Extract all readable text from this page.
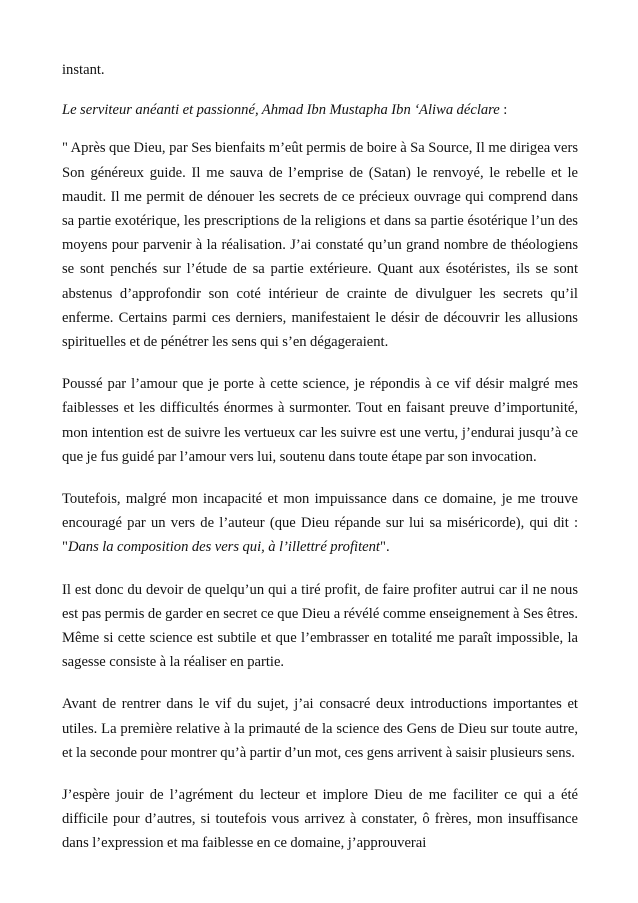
instant.

Le serviteur anéanti et passionné, Ahmad Ibn Mustapha Ibn ‘Aliwa déclare :

" Après que Dieu, par Ses bienfaits m’eût permis de boire à Sa Source, Il me dirigea vers Son généreux guide. Il me sauva de l’emprise de (Satan) le renvoyé, le rebelle et le maudit. Il me permit de dénouer les secrets de ce précieux ouvrage qui comprend dans sa partie exotérique, les prescriptions de la religions et dans sa partie ésotérique l’un des moyens pour parvenir à la réalisation. J’ai constaté qu’un grand nombre de théologiens se sont penchés sur l’étude de sa partie extérieure. Quant aux ésotéristes, ils se sont abstenus d’approfondir son coté intérieur de crainte de divulguer les secrets qu’il enferme. Certains parmi ces derniers, manifestaient le désir de découvrir les allusions spirituelles et de pénétrer les sens qui s’en dégageraient.

Poussé par l’amour que je porte à cette science, je répondis à ce vif désir malgré mes faiblesses et les difficultés énormes à surmonter. Tout en faisant preuve d’importunité, mon intention est de suivre les vertueux car les suivre est une vertu, j’endurai jusqu’à ce que je fus guidé par l’amour vers lui, soutenu dans toute étape par son invocation.

Toutefois, malgré mon incapacité et mon impuissance dans ce domaine, je me trouve encouragé par un vers de l’auteur (que Dieu répande sur lui sa miséricorde), qui dit : "Dans la composition des vers qui, à l’illettré profitent".

Il est donc du devoir de quelqu’un qui a tiré profit, de faire profiter autrui car il ne nous est pas permis de garder en secret ce que Dieu a révélé comme enseignement à Ses êtres. Même si cette science est subtile et que l’embrasser en totalité me paraît impossible, la sagesse consiste à la réaliser en partie.

Avant de rentrer dans le vif du sujet, j’ai consacré deux introductions importantes et utiles. La première relative à la primauté de la science des Gens de Dieu sur toute autre, et la seconde pour montrer qu’à partir d’un mot, ces gens arrivent à saisir plusieurs sens.

J’espère jouir de l’agrément du lecteur et implore Dieu de me faciliter ce qui a été difficile pour d’autres, si toutefois vous arrivez à constater, ô frères, mon insuffisance dans l’expression et ma faiblesse en ce domaine, j’approuverai
